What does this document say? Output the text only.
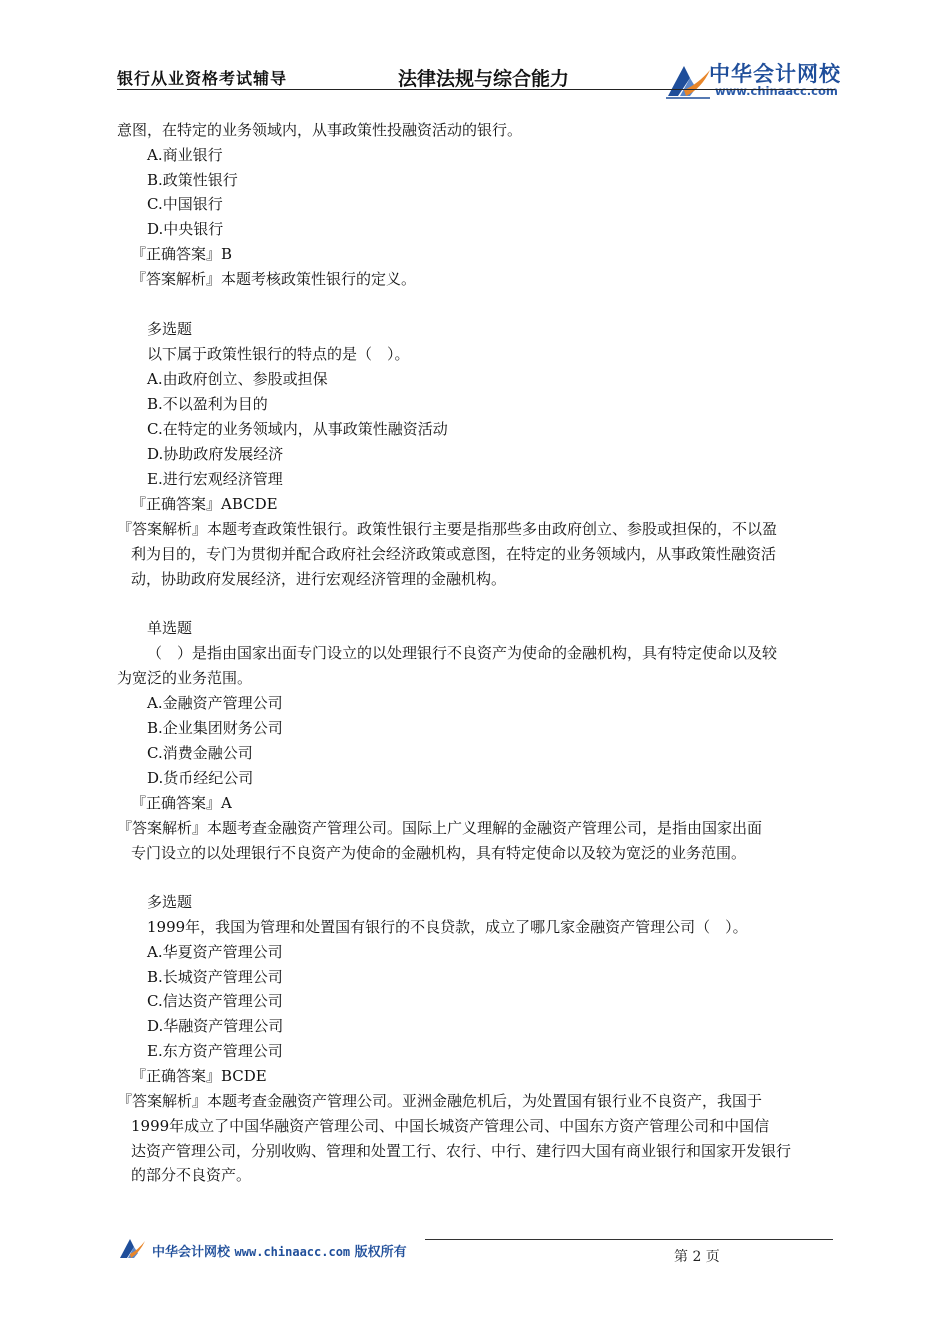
银行从业资格考试辅导	法律法规与综合能力	中华会计网校
www.chinaacc.com
意图，在特定的业务领域内，从事政策性投融资活动的银行。
A.商业银行
B.政策性银行
C.中国银行
D.中央银行
『正确答案』B
『答案解析』本题考核政策性银行的定义。
多选题
以下属于政策性银行的特点的是（　）。
A.由政府创立、参股或担保
B.不以盈利为目的
C.在特定的业务领域内，从事政策性融资活动
D.协助政府发展经济
E.进行宏观经济管理
『正确答案』ABCDE
『答案解析』本题考查政策性银行。政策性银行主要是指那些多由政府创立、参股或担保的，不以盈
利为目的，专门为贯彻并配合政府社会经济政策或意图，在特定的业务领域内，从事政策性融资活
动，协助政府发展经济，进行宏观经济管理的金融机构。
单选题
（　）是指由国家出面专门设立的以处理银行不良资产为使命的金融机构，具有特定使命以及较
为宽泛的业务范围。
A.金融资产管理公司
B.企业集团财务公司
C.消费金融公司
D.货币经纪公司
『正确答案』A
『答案解析』本题考查金融资产管理公司。国际上广义理解的金融资产管理公司，是指由国家出面
专门设立的以处理银行不良资产为使命的金融机构，具有特定使命以及较为宽泛的业务范围。
多选题
1999年，我国为管理和处置国有银行的不良贷款，成立了哪几家金融资产管理公司（　）。
A.华夏资产管理公司
B.长城资产管理公司
C.信达资产管理公司
D.华融资产管理公司
E.东方资产管理公司
『正确答案』BCDE
『答案解析』本题考查金融资产管理公司。亚洲金融危机后，为处置国有银行业不良资产，我国于
1999年成立了中国华融资产管理公司、中国长城资产管理公司、中国东方资产管理公司和中国信
达资产管理公司，分别收购、管理和处置工行、农行、中行、建行四大国有商业银行和国家开发银行
的部分不良资产。
中华会计网校 www.chinaacc.com 版权所有	第 2 页
